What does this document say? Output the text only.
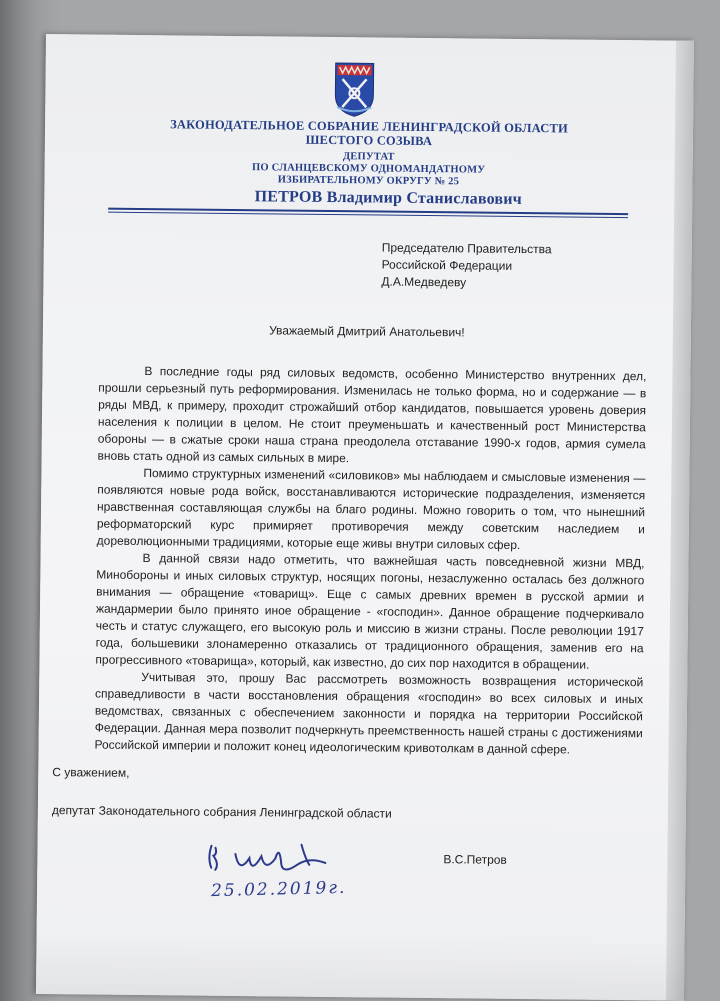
ЗАКОНОДАТЕЛЬНОЕ СОБРАНИЕ ЛЕНИНГРАДСКОЙ ОБЛАСТИ
ШЕСТОГО СОЗЫВА
ДЕПУТАТ
ПО СЛАНЦЕВСКОМУ ОДНОМАНДАТНОМУ
ИЗБИРАТЕЛЬНОМУ ОКРУГУ № 25
ПЕТРОВ Владимир Станиславович
Председателю Правительства
Российской Федерации
Д.А.Медведеву
Уважаемый Дмитрий Анатольевич!

В последние годы ряд силовых ведомств, особенно Министерство внутренних дел, прошли серьезный путь реформирования. Изменилась не только форма, но и содержание — в ряды МВД, к примеру, проходит строжайший отбор кандидатов, повышается уровень доверия населения к полиции в целом. Не стоит преуменьшать и качественный рост Министерства обороны — в сжатые сроки наша страна преодолела отставание 1990-х годов, армия сумела вновь стать одной из самых сильных в мире.

Помимо структурных изменений «силовиков» мы наблюдаем и смысловые изменения — появляются новые рода войск, восстанавливаются исторические подразделения, изменяется нравственная составляющая службы на благо родины. Можно говорить о том, что нынешний реформаторский курс примиряет противоречия между советским наследием и дореволюционными традициями, которые еще живы внутри силовых сфер.

В данной связи надо отметить, что важнейшая часть повседневной жизни МВД, Минобороны и иных силовых структур, носящих погоны, незаслуженно осталась без должного внимания — обращение «товарищ». Еще с самых древних времен в русской армии и жандармерии было принято иное обращение - «господин». Данное обращение подчеркивало честь и статус служащего, его высокую роль и миссию в жизни страны. После революции 1917 года, большевики злонамеренно отказались от традиционного обращения, заменив его на прогрессивного «товарища», который, как известно, до сих пор находится в обращении.

Учитывая это, прошу Вас рассмотреть возможность возвращения исторической справедливости в части восстановления обращения «господин» во всех силовых и иных ведомствах, связанных с обеспечением законности и порядка на территории Российской Федерации. Данная мера позволит подчеркнуть преемственность нашей страны с достижениями Российской империи и положит конец идеологическим кривотолкам в данной сфере.

С уважением,
депутат Законодательного собрания Ленинградской области
25.02.2019г.
В.С.Петров
